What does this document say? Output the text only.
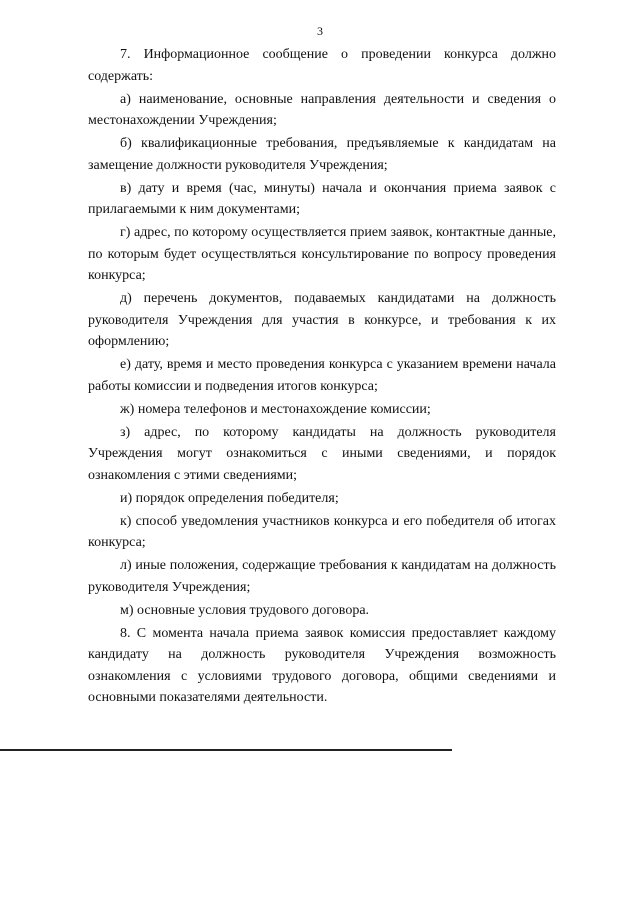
3

7. Информационное сообщение о проведении конкурса должно содержать:

а) наименование, основные направления деятельности и сведения о местонахождении Учреждения;

б) квалификационные требования, предъявляемые к кандидатам на замещение должности руководителя Учреждения;

в) дату и время (час, минуты) начала и окончания приема заявок с прилагаемыми к ним документами;

г) адрес, по которому осуществляется прием заявок, контактные данные, по которым будет осуществляться консультирование по вопросу проведения конкурса;

д) перечень документов, подаваемых кандидатами на должность руководителя Учреждения для участия в конкурсе, и требования к их оформлению;

е) дату, время и место проведения конкурса с указанием времени начала работы комиссии и подведения итогов конкурса;

ж) номера телефонов и местонахождение комиссии;

з) адрес, по которому кандидаты на должность руководителя Учреждения могут ознакомиться с иными сведениями, и порядок ознакомления с этими сведениями;

и) порядок определения победителя;

к) способ уведомления участников конкурса и его победителя об итогах конкурса;

л) иные положения, содержащие требования к кандидатам на должность руководителя Учреждения;

м) основные условия трудового договора.

8. С момента начала приема заявок комиссия предоставляет каждому кандидату на должность руководителя Учреждения возможность ознакомления с условиями трудового договора, общими сведениями и основными показателями деятельности.
